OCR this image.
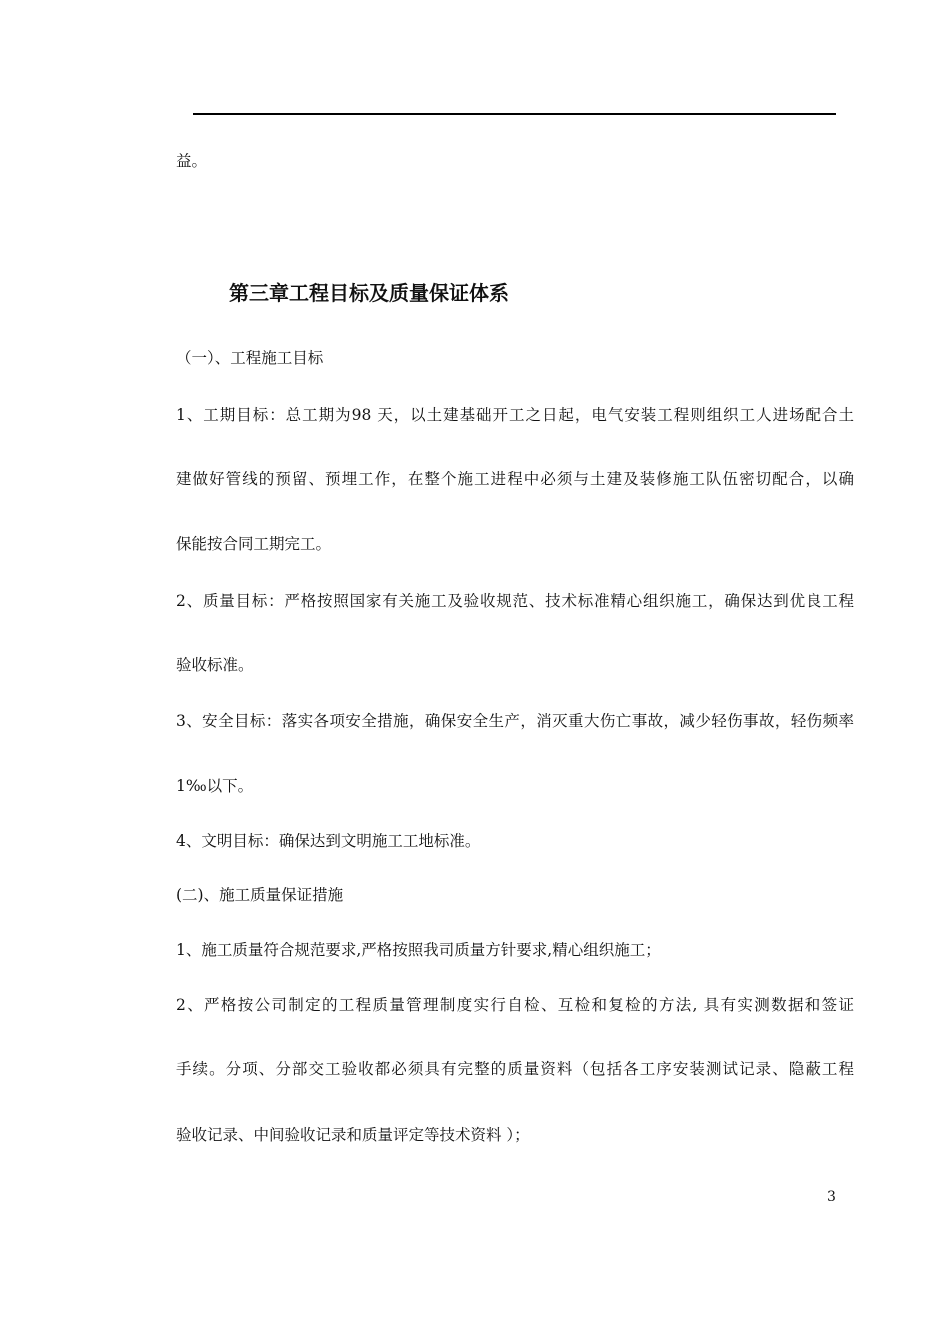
益。
第三章工程目标及质量保证体系
（一）、工程施工目标
1、工期目标：总工期为98 天，以土建基础开工之日起，电气安装工程则组织工人进场配合土
建做好管线的预留、预埋工作，在整个施工进程中必须与土建及装修施工队伍密切配合，以确
保能按合同工期完工。
2、质量目标：严格按照国家有关施工及验收规范、技术标准精心组织施工，确保达到优良工程
验收标准。
3、安全目标：落实各项安全措施，确保安全生产，消灭重大伤亡事故，减少轻伤事故，轻伤频率
1‰以下。
4、文明目标：确保达到文明施工工地标准。
(二)、施工质量保证措施
1、施工质量符合规范要求,严格按照我司质量方针要求,精心组织施工；
2、严格按公司制定的工程质量管理制度实行自检、互检和复检的方法, 具有实测数据和签证
手续。分项、分部交工验收都必须具有完整的质量资料（包括各工序安装测试记录、隐蔽工程
验收记录、中间验收记录和质量评定等技术资料 ）；
3
